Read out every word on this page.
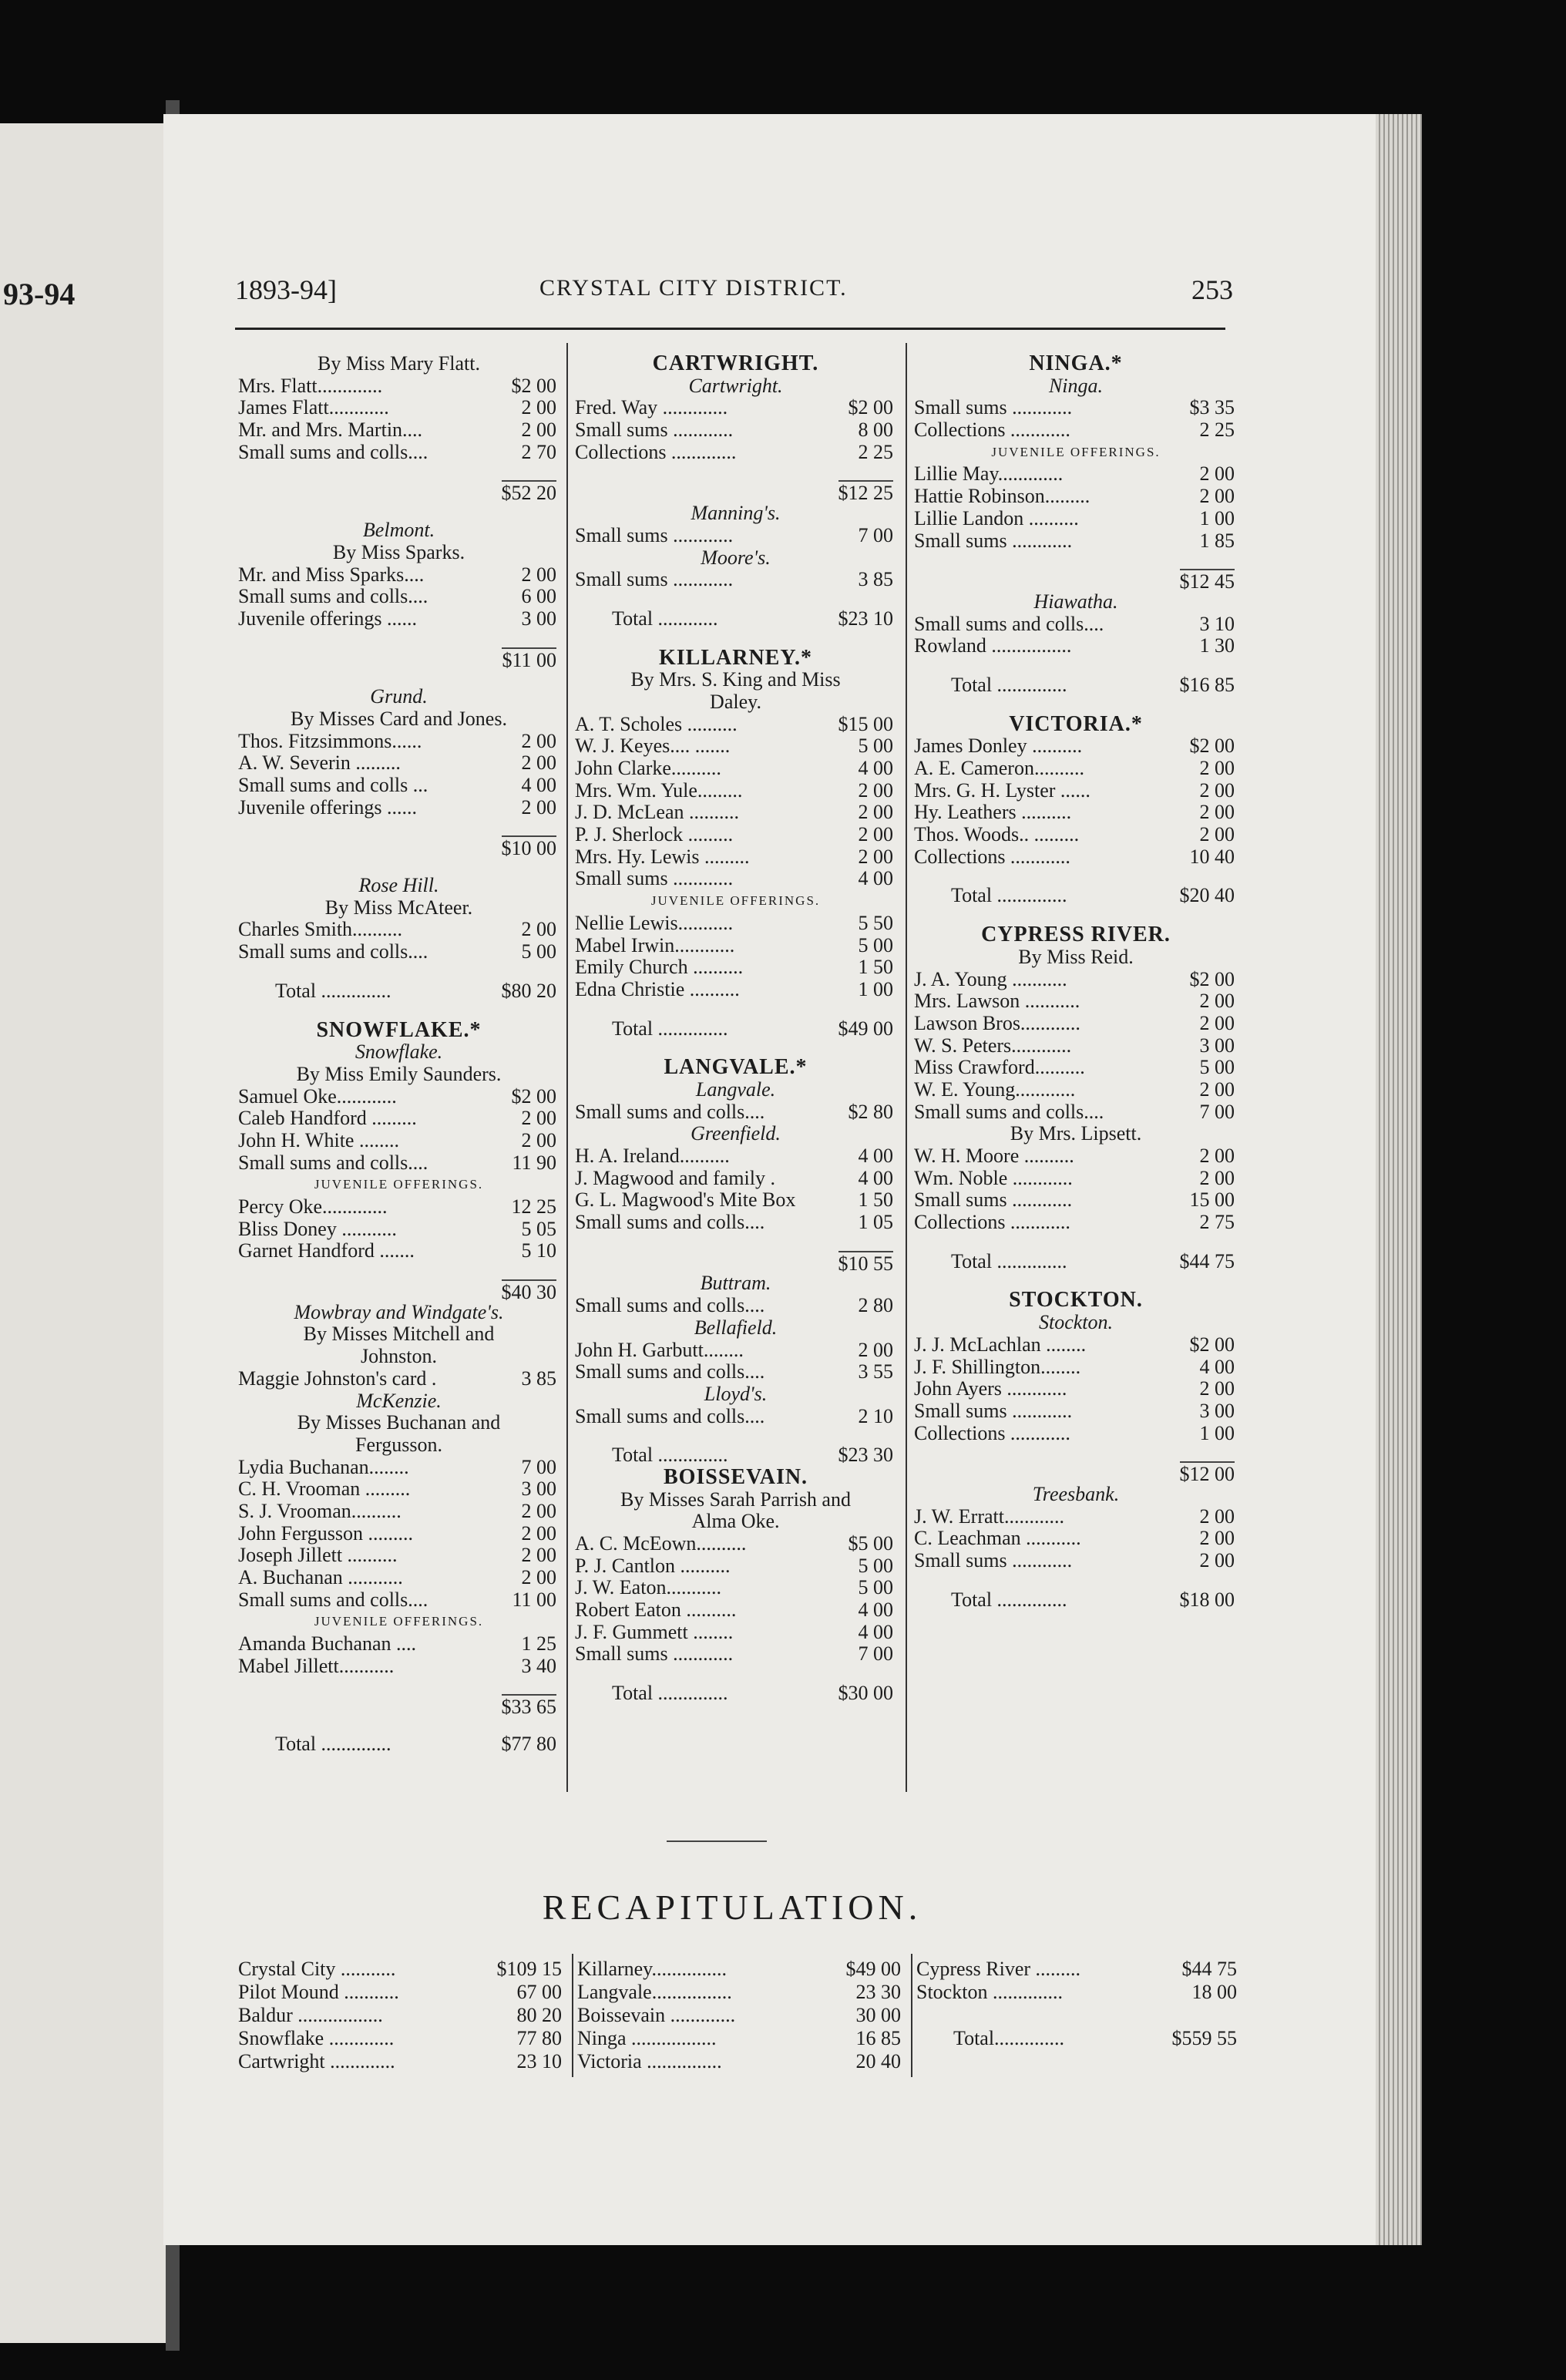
93-94	1893-94]	CRYSTAL CITY DISTRICT.	253
By Miss Mary Flatt.
Mrs. Flatt.............	$2 00
James Flatt............	2 00
Mr. and Mrs. Martin....	2 00
Small sums and colls....	2 70
$52 20
Belmont.
By Miss Sparks.
Mr. and Miss Sparks....	2 00
Small sums and colls....	6 00
Juvenile offerings ......	3 00
$11 00
Grund.
By Misses Card and Jones.
Thos. Fitzsimmons......	2 00
A. W. Severin .........	2 00
Small sums and colls ...	4 00
Juvenile offerings ......	2 00
$10 00
Rose Hill.
By Miss McAteer.
Charles Smith..........	2 00
Small sums and colls....	5 00
Total ..............	$80 20
SNOWFLAKE.*
Snowflake.
By Miss Emily Saunders.
Samuel Oke............	$2 00
Caleb Handford .........	2 00
John H. White ........	2 00
Small sums and colls....	11 90
JUVENILE OFFERINGS.
Percy Oke.............	12 25
Bliss Doney ...........	5 05
Garnet Handford .......	5 10
$40 30
Mowbray and Windgate's.
By Misses Mitchell and
Johnston.
Maggie Johnston's card .	3 85
McKenzie.
By Misses Buchanan and
Fergusson.
Lydia Buchanan........	7 00
C. H. Vrooman .........	3 00
S. J. Vrooman..........	2 00
John Fergusson .........	2 00
Joseph Jillett ..........	2 00
A. Buchanan ...........	2 00
Small sums and colls....	11 00
JUVENILE OFFERINGS.
Amanda Buchanan ....	1 25
Mabel Jillett...........	3 40
$33 65
Total ..............	$77 80
CARTWRIGHT.
Cartwright.
Fred. Way .............	$2 00
Small sums ............	8 00
Collections .............	2 25
$12 25
Manning's.
Small sums ............	7 00
Moore's.
Small sums ............	3 85
Total ............	$23 10
KILLARNEY.*
By Mrs. S. King and Miss
Daley.
A. T. Scholes ..........	$15 00
W. J. Keyes.... .......	5 00
John Clarke..........	4 00
Mrs. Wm. Yule.........	2 00
J. D. McLean ..........	2 00
P. J. Sherlock .........	2 00
Mrs. Hy. Lewis .........	2 00
Small sums ............	4 00
JUVENILE OFFERINGS.
Nellie Lewis...........	5 50
Mabel Irwin............	5 00
Emily Church ..........	1 50
Edna Christie ..........	1 00
Total ..............	$49 00
LANGVALE.*
Langvale.
Small sums and colls....	$2 80
Greenfield.
H. A. Ireland..........	4 00
J. Magwood and family .	4 00
G. L. Magwood's Mite Box	1 50
Small sums and colls....	1 05
$10 55
Buttram.
Small sums and colls....	2 80
Bellafield.
John H. Garbutt........	2 00
Small sums and colls....	3 55
Lloyd's.
Small sums and colls....	2 10
Total ..............	$23 30
BOISSEVAIN.
By Misses Sarah Parrish and
Alma Oke.
A. C. McEown..........	$5 00
P. J. Cantlon ..........	5 00
J. W. Eaton...........	5 00
Robert Eaton ..........	4 00
J. F. Gummett ........	4 00
Small sums ............	7 00
Total ..............	$30 00
NINGA.*
Ninga.
Small sums ............	$3 35
Collections ............	2 25
JUVENILE OFFERINGS.
Lillie May.............	2 00
Hattie Robinson.........	2 00
Lillie Landon ..........	1 00
Small sums ............	1 85
$12 45
Hiawatha.
Small sums and colls....	3 10
Rowland ................	1 30
Total ..............	$16 85
VICTORIA.*
James Donley ..........	$2 00
A. E. Cameron..........	2 00
Mrs. G. H. Lyster ......	2 00
Hy. Leathers ..........	2 00
Thos. Woods.. .........	2 00
Collections ............	10 40
Total ..............	$20 40
CYPRESS RIVER.
By Miss Reid.
J. A. Young ...........	$2 00
Mrs. Lawson ...........	2 00
Lawson Bros............	2 00
W. S. Peters............	3 00
Miss Crawford..........	5 00
W. E. Young............	2 00
Small sums and colls....	7 00
By Mrs. Lipsett.
W. H. Moore ..........	2 00
Wm. Noble ............	2 00
Small sums ............	15 00
Collections ............	2 75
Total ..............	$44 75
STOCKTON.
Stockton.
J. J. McLachlan ........	$2 00
J. F. Shillington........	4 00
John Ayers ............	2 00
Small sums ............	3 00
Collections ............	1 00
$12 00
Treesbank.
J. W. Erratt............	2 00
C. Leachman ...........	2 00
Small sums ............	2 00
Total ..............	$18 00
RECAPITULATION.
Crystal City ...........	$109 15
Pilot Mound ...........	67 00
Baldur .................	80 20
Snowflake .............	77 80
Cartwright .............	23 10
Killarney...............	$49 00
Langvale................	23 30
Boissevain .............	30 00
Ninga .................	16 85
Victoria ...............	20 40
Cypress River .........	$44 75
Stockton ..............	18 00
Total..............	$559 55
